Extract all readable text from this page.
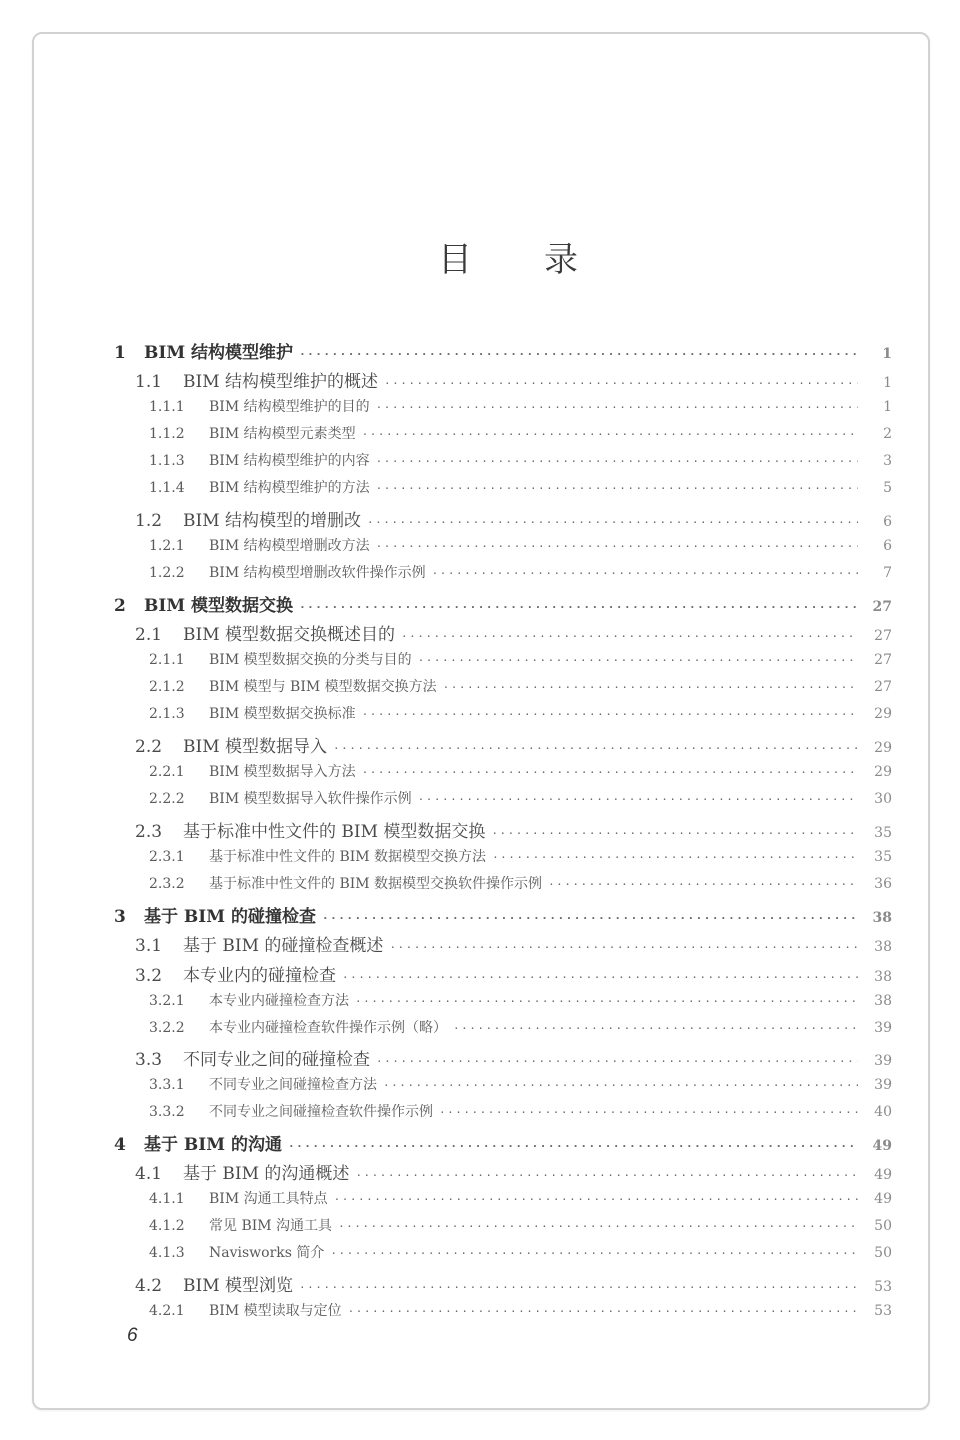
目 录
1	BIM 结构模型维护 ·····	1
1.1	BIM 结构模型维护的概述 ·····	1
1.1.1	BIM 结构模型维护的目的 ·····	1
1.1.2	BIM 结构模型元素类型 ·····	2
1.1.3	BIM 结构模型维护的内容 ·····	3
1.1.4	BIM 结构模型维护的方法 ·····	5
1.2	BIM 结构模型的增删改 ·····	6
1.2.1	BIM 结构模型增删改方法 ·····	6
1.2.2	BIM 结构模型增删改软件操作示例 ·····	7
2	BIM 模型数据交换 ·····	27
2.1	BIM 模型数据交换概述目的 ·····	27
2.1.1	BIM 模型数据交换的分类与目的 ·····	27
2.1.2	BIM 模型与 BIM 模型数据交换方法 ·····	27
2.1.3	BIM 模型数据交换标准 ·····	29
2.2	BIM 模型数据导入 ·····	29
2.2.1	BIM 模型数据导入方法 ·····	29
2.2.2	BIM 模型数据导入软件操作示例 ·····	30
2.3	基于标准中性文件的 BIM 模型数据交换 ·····	35
2.3.1	基于标准中性文件的 BIM 数据模型交换方法 ·····	35
2.3.2	基于标准中性文件的 BIM 数据模型交换软件操作示例 ·····	36
3	基于 BIM 的碰撞检查 ·····	38
3.1	基于 BIM 的碰撞检查概述 ·····	38
3.2	本专业内的碰撞检查 ·····	38
3.2.1	本专业内碰撞检查方法 ·····	38
3.2.2	本专业内碰撞检查软件操作示例（略） ·····	39
3.3	不同专业之间的碰撞检查 ·····	39
3.3.1	不同专业之间碰撞检查方法 ·····	39
3.3.2	不同专业之间碰撞检查软件操作示例 ·····	40
4	基于 BIM 的沟通 ·····	49
4.1	基于 BIM 的沟通概述 ·····	49
4.1.1	BIM 沟通工具特点 ·····	49
4.1.2	常见 BIM 沟通工具 ·····	50
4.1.3	Navisworks 简介 ·····	50
4.2	BIM 模型浏览 ·····	53
4.2.1	BIM 模型读取与定位 ·····	53
6
